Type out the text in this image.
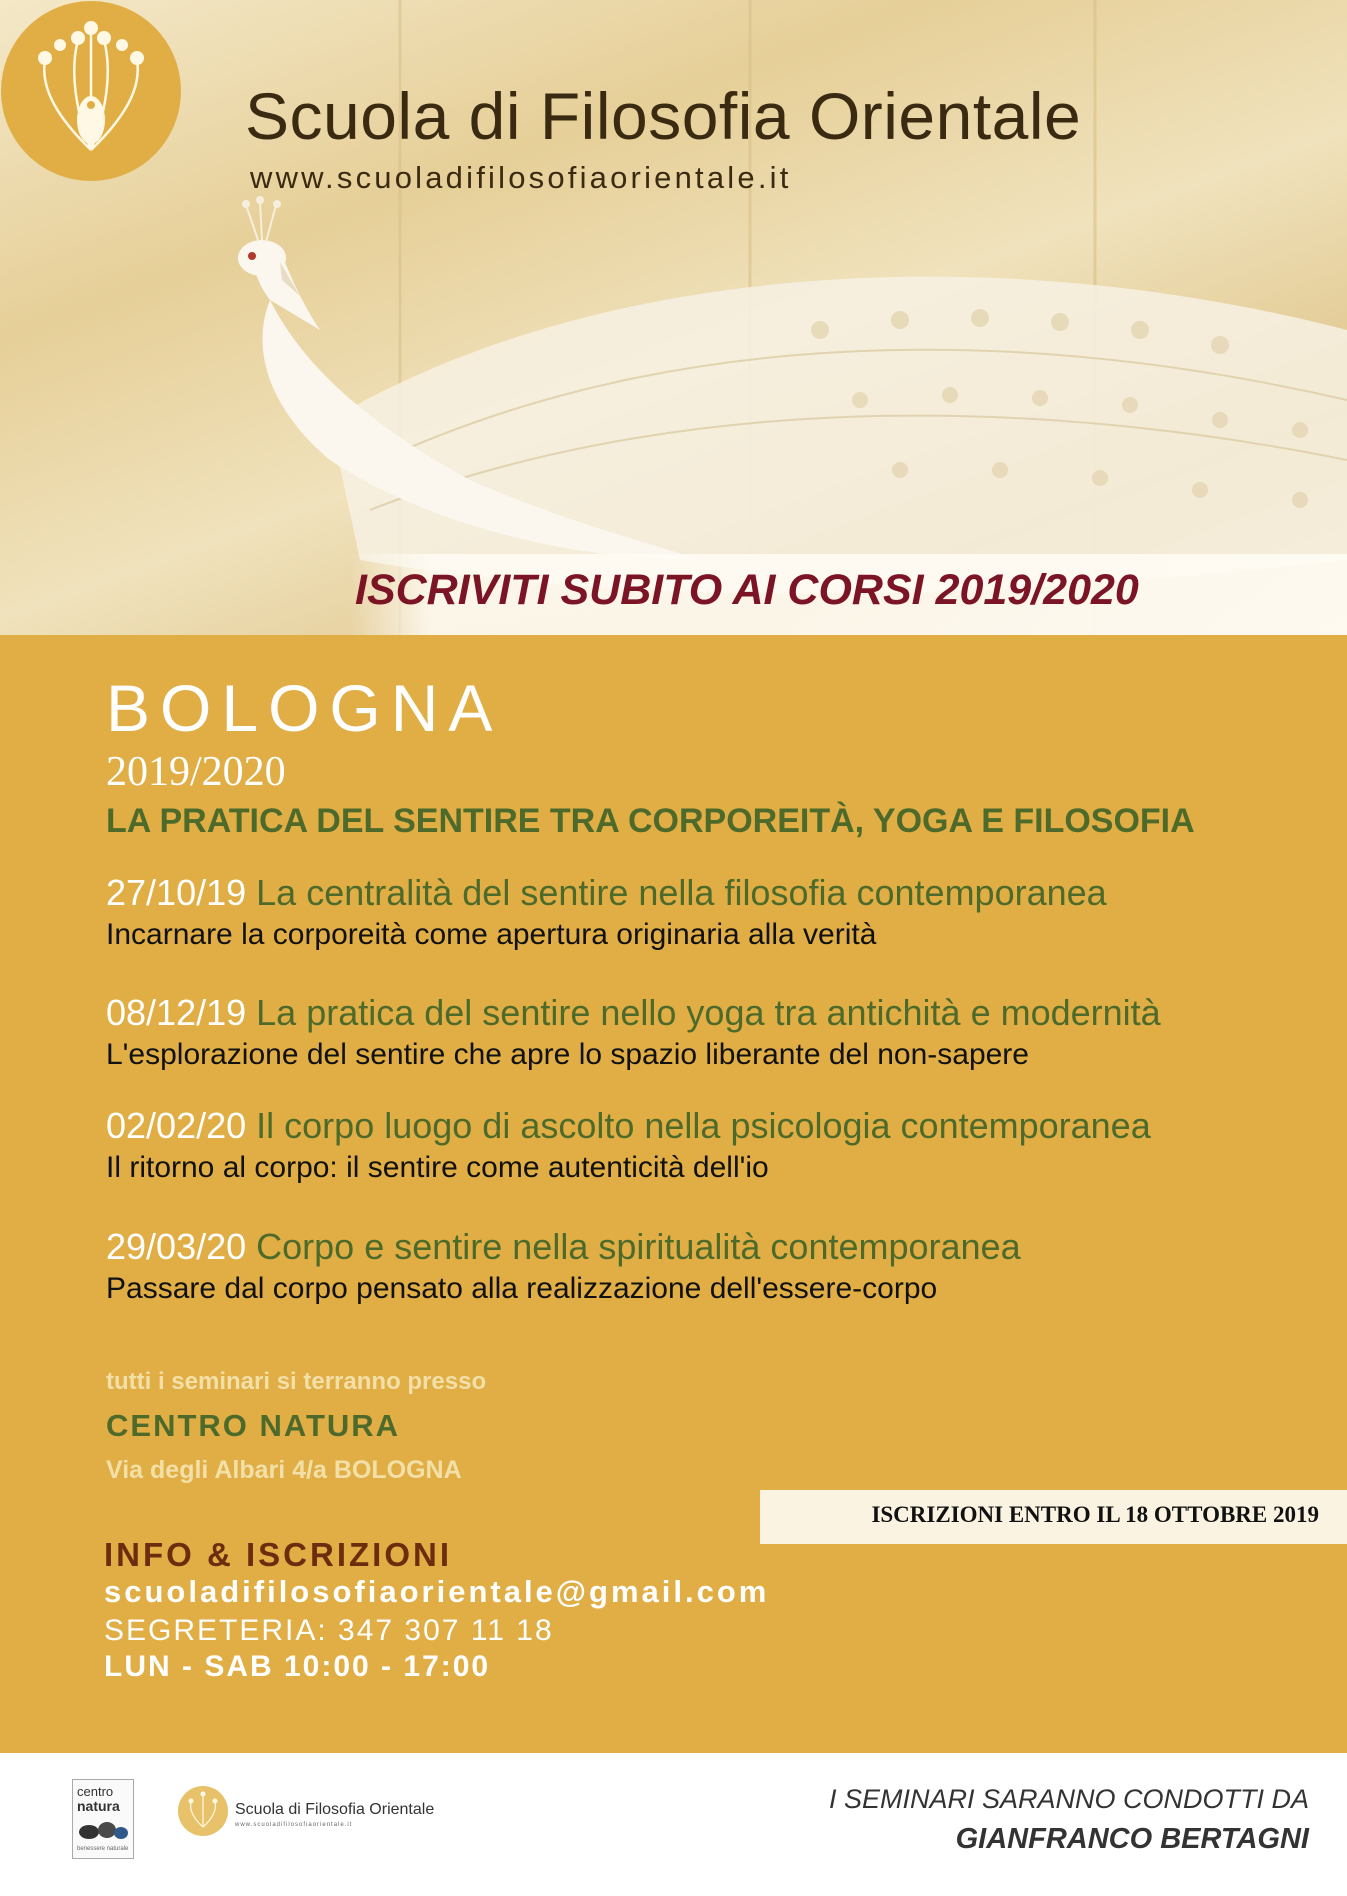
Scuola di Filosofia Orientale
www.scuoladifilosofiaorientale.it
ISCRIVITI SUBITO AI CORSI 2019/2020
BOLOGNA
2019/2020
LA PRATICA DEL SENTIRE TRA CORPOREITÀ, YOGA E FILOSOFIA
27/10/19 La centralità del sentire nella filosofia contemporanea
Incarnare la corporeità come apertura originaria alla verità
08/12/19 La pratica del sentire nello yoga tra antichità e modernità
L'esplorazione del sentire che apre lo spazio liberante del non-sapere
02/02/20 Il corpo luogo di ascolto nella psicologia contemporanea
Il ritorno al corpo: il sentire come autenticità dell'io
29/03/20 Corpo e sentire nella spiritualità contemporanea
Passare dal corpo pensato alla realizzazione dell'essere-corpo
tutti i seminari si terranno presso
CENTRO NATURA
Via degli Albari 4/a BOLOGNA
ISCRIZIONI ENTRO IL 18 OTTOBRE 2019
INFO & ISCRIZIONI
scuoladifilosofiaorientale@gmail.com
SEGRETERIA: 347 307 11 18
LUN - SAB 10:00 - 17:00
centro
natura
benessere naturale
Scuola di Filosofia Orientale
www.scuoladifilosofiaorientale.it
I SEMINARI SARANNO CONDOTTI DA
GIANFRANCO BERTAGNI
